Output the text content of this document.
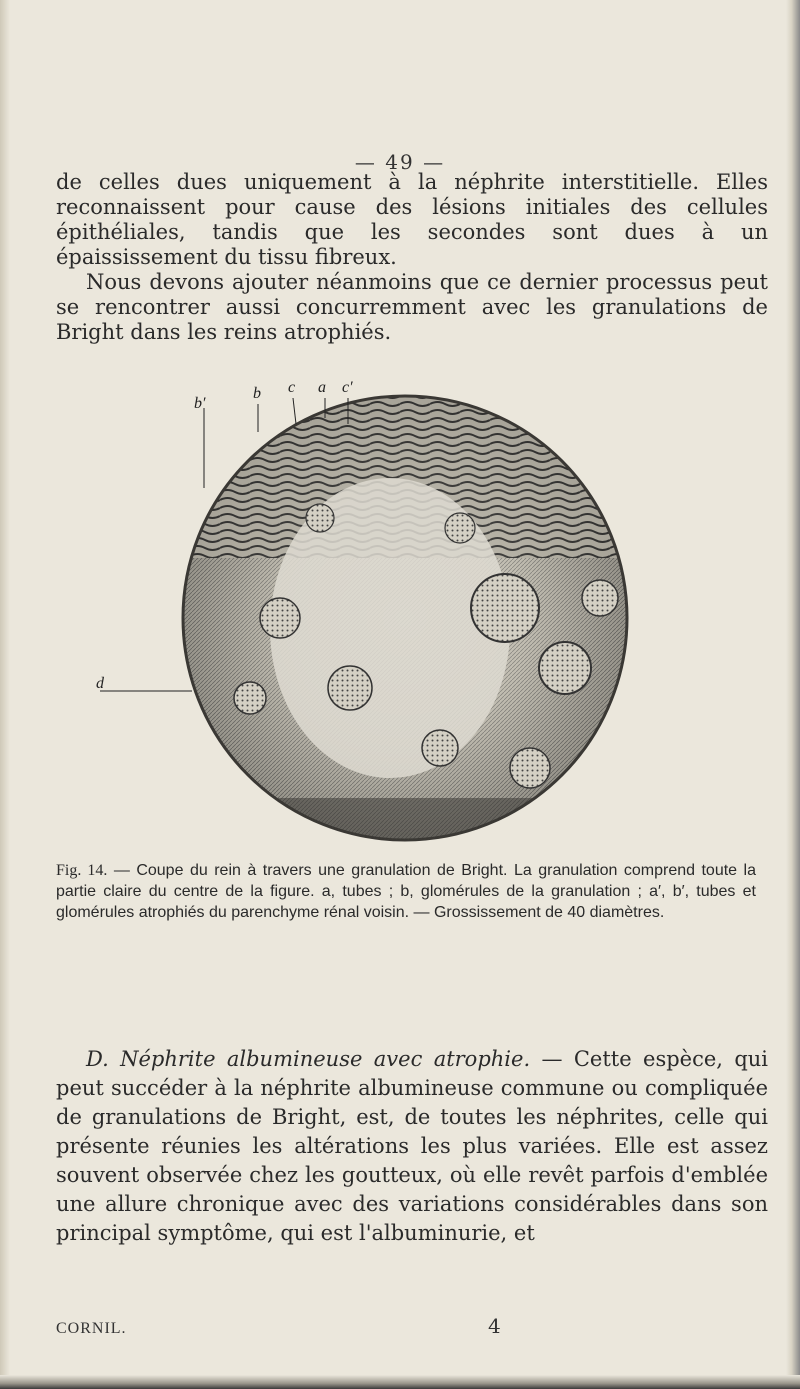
— 49 —
de celles dues uniquement à la néphrite interstitielle. Elles reconnaissent pour cause des lésions initiales des cellules épithéliales, tandis que les secondes sont dues à un épaississement du tissu fibreux.
Nous devons ajouter néanmoins que ce dernier processus peut se rencontrer aussi concurremment avec les granulations de Bright dans les reins atrophiés.
b c a c′
b′
d
Fig. 14. — Coupe du rein à travers une granulation de Bright. La granulation comprend toute la partie claire du centre de la figure. a, tubes ; b, glomérules de la granulation ; a′, b′, tubes et glomérules atrophiés du parenchyme rénal voisin. — Grossissement de 40 diamètres.
D. Néphrite albumineuse avec atrophie. — Cette espèce, qui peut succéder à la néphrite albumineuse commune ou compliquée de granulations de Bright, est, de toutes les néphrites, celle qui présente réunies les altérations les plus variées. Elle est assez souvent observée chez les goutteux, où elle revêt parfois d'emblée une allure chronique avec des variations considérables dans son principal symptôme, qui est l'albuminurie, et
CORNIL.	4
